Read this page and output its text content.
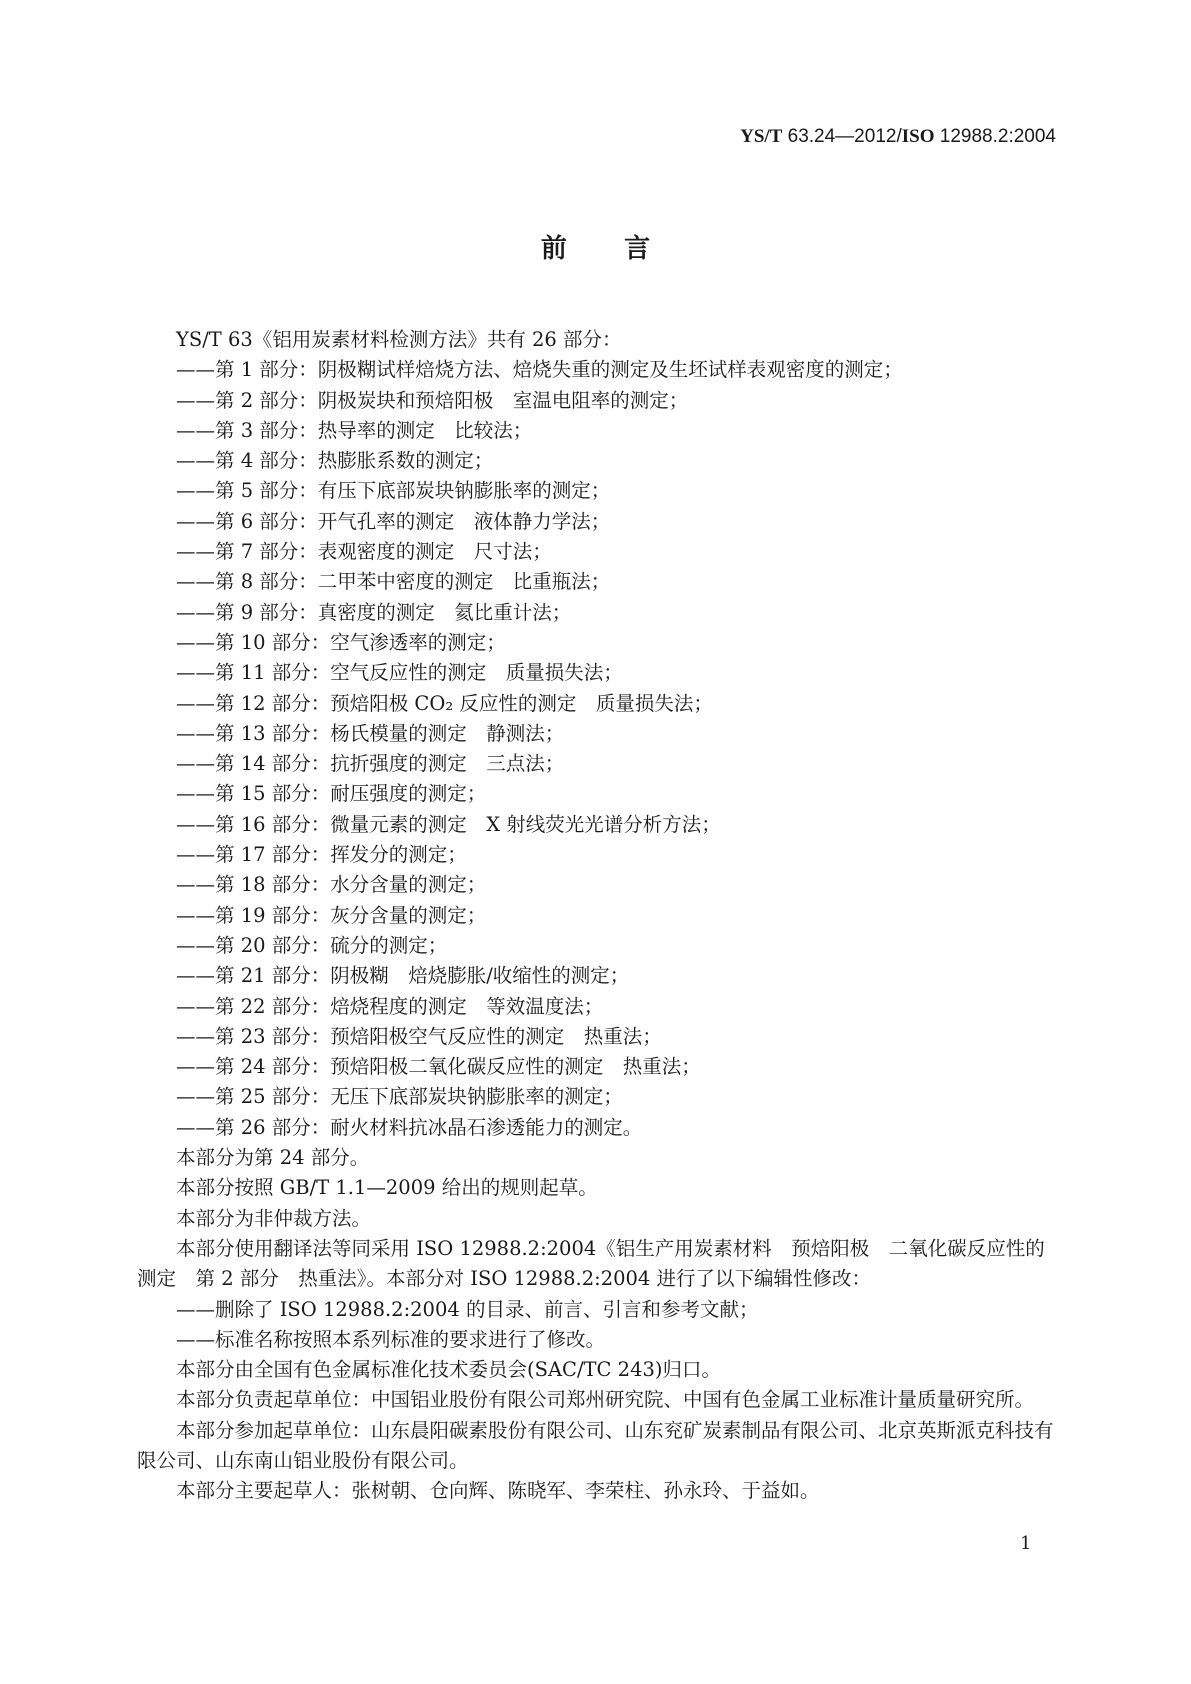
YS/T 63.24—2012/ISO 12988.2:2004
前言

YS/T 63《铝用炭素材料检测方法》共有 26 部分：

——第 1 部分：阴极糊试样焙烧方法、焙烧失重的测定及生坯试样表观密度的测定；

——第 2 部分：阴极炭块和预焙阳极　室温电阻率的测定；

——第 3 部分：热导率的测定　比较法；

——第 4 部分：热膨胀系数的测定；

——第 5 部分：有压下底部炭块钠膨胀率的测定；

——第 6 部分：开气孔率的测定　液体静力学法；

——第 7 部分：表观密度的测定　尺寸法；

——第 8 部分：二甲苯中密度的测定　比重瓶法；

——第 9 部分：真密度的测定　氦比重计法；

——第 10 部分：空气渗透率的测定；

——第 11 部分：空气反应性的测定　质量损失法；

——第 12 部分：预焙阳极 CO₂ 反应性的测定　质量损失法；

——第 13 部分：杨氏模量的测定　静测法；

——第 14 部分：抗折强度的测定　三点法；

——第 15 部分：耐压强度的测定；

——第 16 部分：微量元素的测定　X 射线荧光光谱分析方法；

——第 17 部分：挥发分的测定；

——第 18 部分：水分含量的测定；

——第 19 部分：灰分含量的测定；

——第 20 部分：硫分的测定；

——第 21 部分：阴极糊　焙烧膨胀/收缩性的测定；

——第 22 部分：焙烧程度的测定　等效温度法；

——第 23 部分：预焙阳极空气反应性的测定　热重法；

——第 24 部分：预焙阳极二氧化碳反应性的测定　热重法；

——第 25 部分：无压下底部炭块钠膨胀率的测定；

——第 26 部分：耐火材料抗冰晶石渗透能力的测定。

本部分为第 24 部分。

本部分按照 GB/T 1.1—2009 给出的规则起草。

本部分为非仲裁方法。

本部分使用翻译法等同采用 ISO 12988.2:2004《铝生产用炭素材料　预焙阳极　二氧化碳反应性的测定　第 2 部分　热重法》。本部分对 ISO 12988.2:2004 进行了以下编辑性修改：

——删除了 ISO 12988.2:2004 的目录、前言、引言和参考文献；

——标准名称按照本系列标准的要求进行了修改。

本部分由全国有色金属标准化技术委员会(SAC/TC 243)归口。

本部分负责起草单位：中国铝业股份有限公司郑州研究院、中国有色金属工业标准计量质量研究所。

本部分参加起草单位：山东晨阳碳素股份有限公司、山东兖矿炭素制品有限公司、北京英斯派克科技有限公司、山东南山铝业股份有限公司。

本部分主要起草人：张树朝、仓向辉、陈晓军、李荣柱、孙永玲、于益如。

1
